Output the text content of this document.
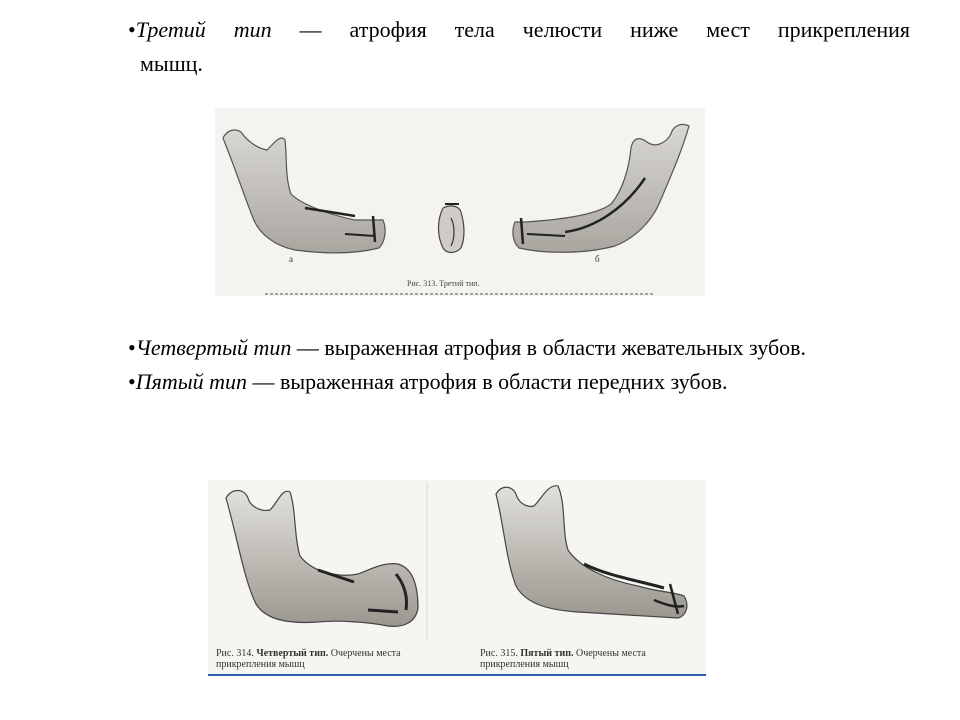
•Третий тип — атрофия тела челюсти ниже мест прикрепления
мышц.
а	б
Рис. 313. Третий тип.
•Четвертый тип — выраженная атрофия в области жевательных зубов.
•Пятый тип — выраженная атрофия в области передних зубов.
Рис. 314. Четвертый тип. Очерчены места прикрепления мышц
Рис. 315. Пятый тип. Очерчены места прикрепления мышц
